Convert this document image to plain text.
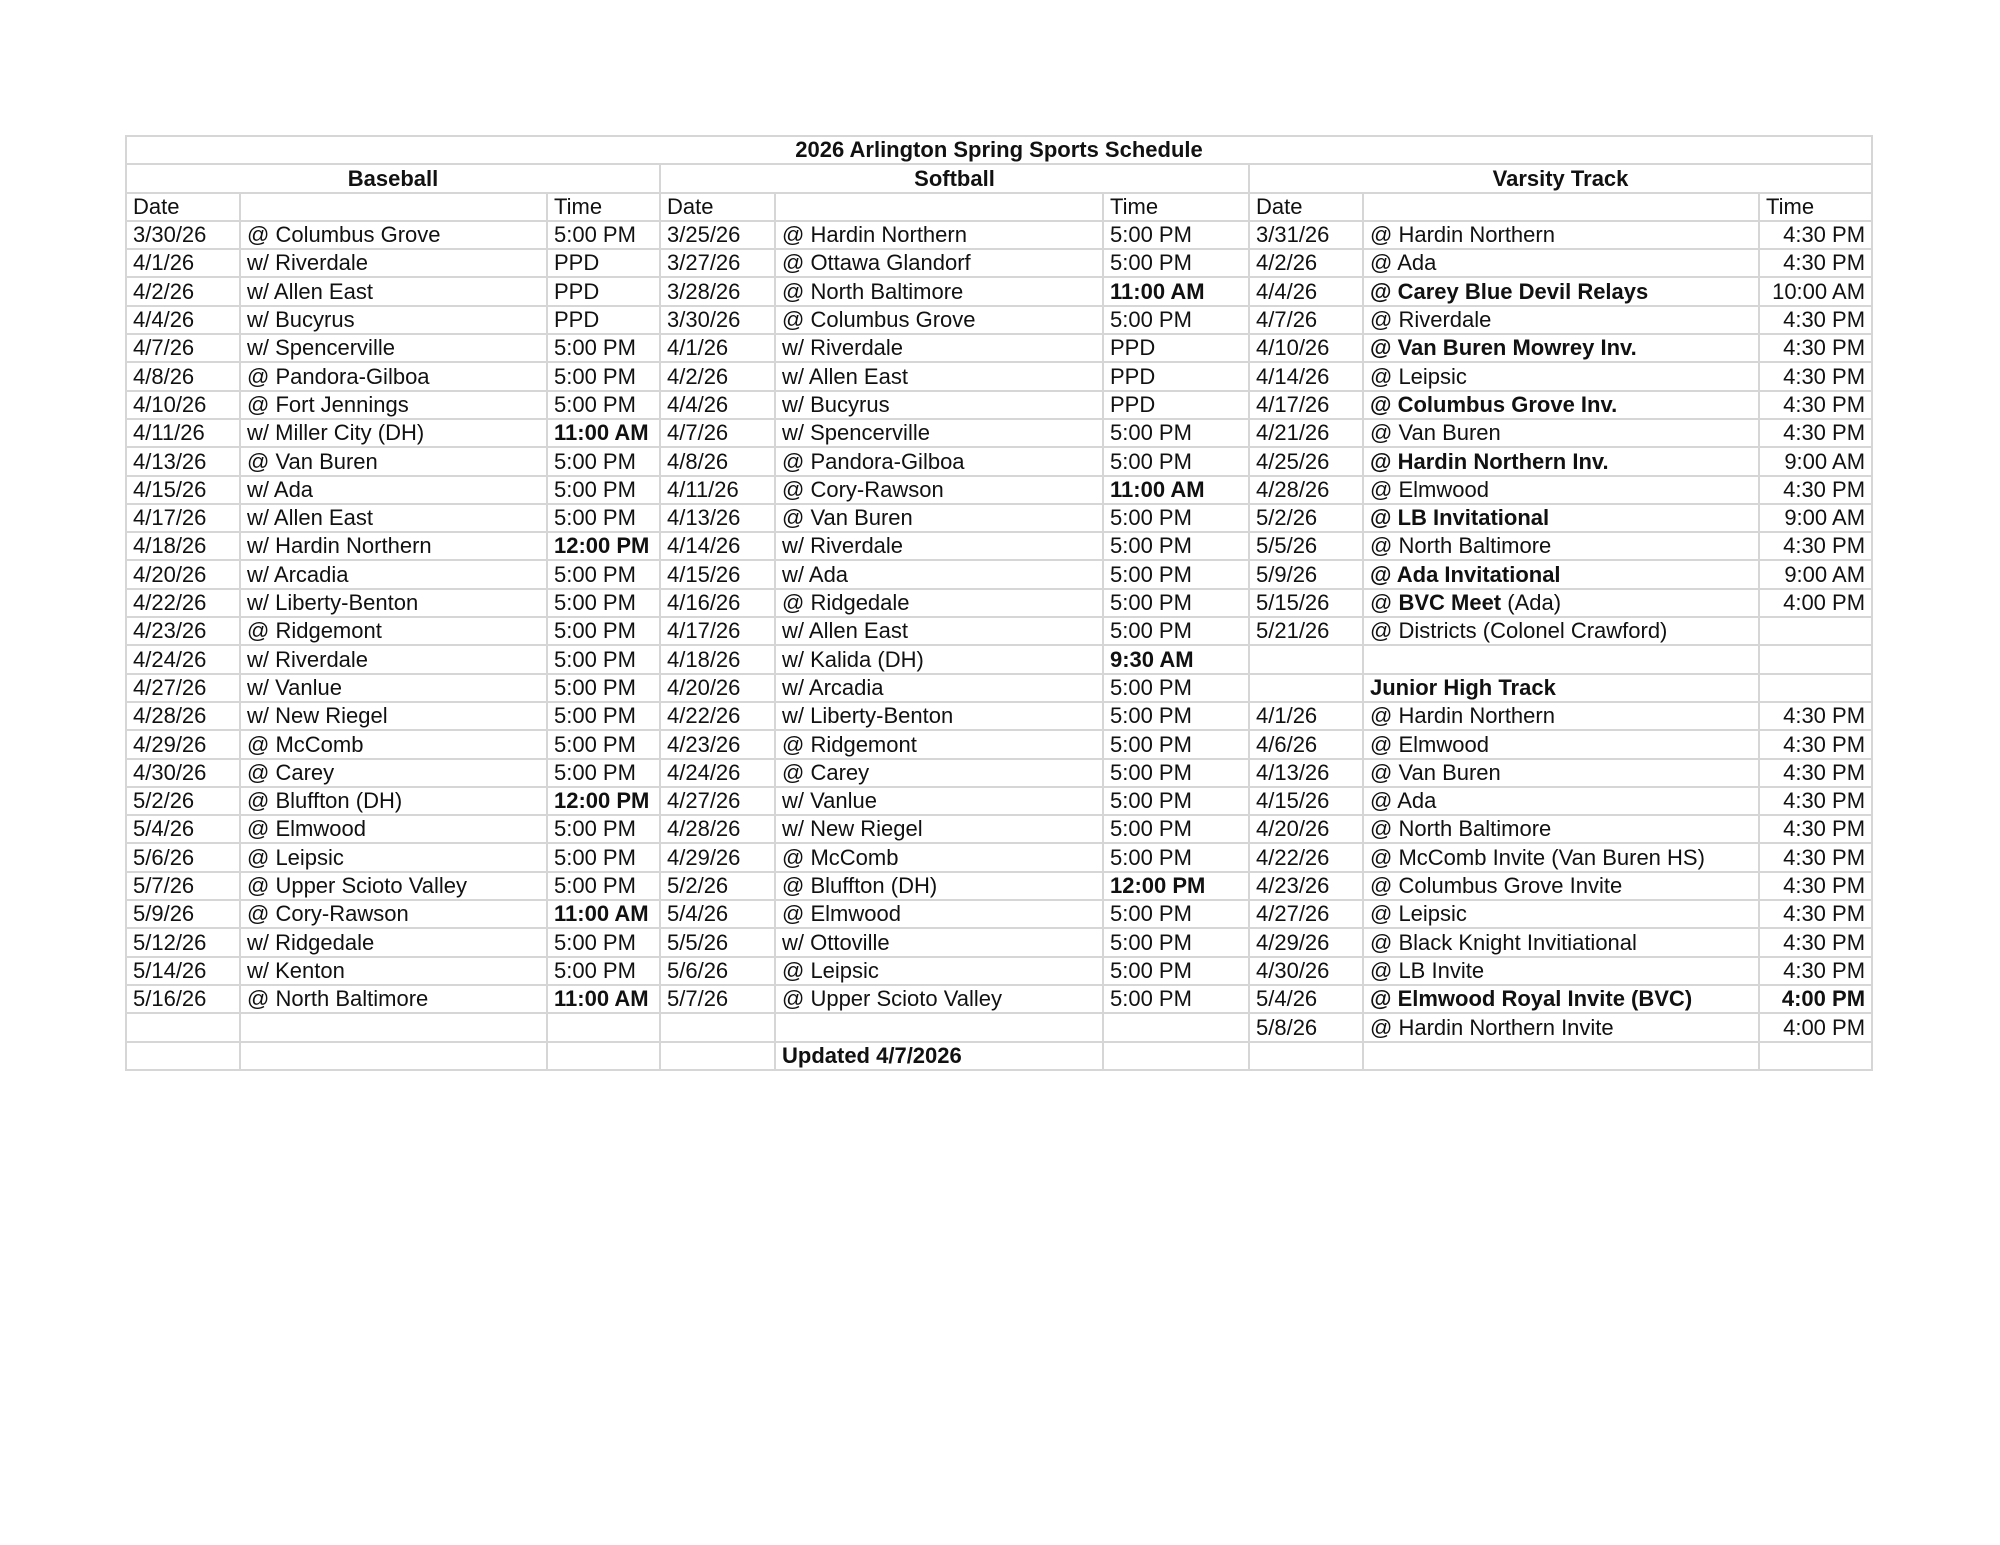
2026 Arlington Spring Sports Schedule								
Baseball			Softball			Varsity Track		
Date		Time	Date		Time	Date		Time
3/30/26	@ Columbus Grove	5:00 PM	3/25/26	@ Hardin Northern	5:00 PM	3/31/26	@ Hardin Northern	4:30 PM
4/1/26	w/ Riverdale	PPD	3/27/26	@ Ottawa Glandorf	5:00 PM	4/2/26	@ Ada	4:30 PM
4/2/26	w/ Allen East	PPD	3/28/26	@ North Baltimore	11:00 AM	4/4/26	@ Carey Blue Devil Relays	10:00 AM
4/4/26	w/ Bucyrus	PPD	3/30/26	@ Columbus Grove	5:00 PM	4/7/26	@ Riverdale	4:30 PM
4/7/26	w/ Spencerville	5:00 PM	4/1/26	w/ Riverdale	PPD	4/10/26	@ Van Buren Mowrey Inv.	4:30 PM
4/8/26	@ Pandora-Gilboa	5:00 PM	4/2/26	w/ Allen East	PPD	4/14/26	@ Leipsic	4:30 PM
4/10/26	@ Fort Jennings	5:00 PM	4/4/26	w/ Bucyrus	PPD	4/17/26	@ Columbus Grove Inv.	4:30 PM
4/11/26	w/ Miller City (DH)	11:00 AM	4/7/26	w/ Spencerville	5:00 PM	4/21/26	@ Van Buren	4:30 PM
4/13/26	@ Van Buren	5:00 PM	4/8/26	@ Pandora-Gilboa	5:00 PM	4/25/26	@ Hardin Northern Inv.	9:00 AM
4/15/26	w/ Ada	5:00 PM	4/11/26	@ Cory-Rawson	11:00 AM	4/28/26	@ Elmwood	4:30 PM
4/17/26	w/ Allen East	5:00 PM	4/13/26	@ Van Buren	5:00 PM	5/2/26	@ LB Invitational	9:00 AM
4/18/26	w/ Hardin Northern	12:00 PM	4/14/26	w/ Riverdale	5:00 PM	5/5/26	@ North Baltimore	4:30 PM
4/20/26	w/ Arcadia	5:00 PM	4/15/26	w/ Ada	5:00 PM	5/9/26	@ Ada Invitational	9:00 AM
4/22/26	w/ Liberty-Benton	5:00 PM	4/16/26	@ Ridgedale	5:00 PM	5/15/26	@ BVC Meet (Ada)	4:00 PM
4/23/26	@ Ridgemont	5:00 PM	4/17/26	w/ Allen East	5:00 PM	5/21/26	@ Districts (Colonel Crawford)	
4/24/26	w/ Riverdale	5:00 PM	4/18/26	w/ Kalida (DH)	9:30 AM			
4/27/26	w/ Vanlue	5:00 PM	4/20/26	w/ Arcadia	5:00 PM		Junior High Track	
4/28/26	w/ New Riegel	5:00 PM	4/22/26	w/ Liberty-Benton	5:00 PM	4/1/26	@ Hardin Northern	4:30 PM
4/29/26	@ McComb	5:00 PM	4/23/26	@ Ridgemont	5:00 PM	4/6/26	@ Elmwood	4:30 PM
4/30/26	@ Carey	5:00 PM	4/24/26	@ Carey	5:00 PM	4/13/26	@ Van Buren	4:30 PM
5/2/26	@ Bluffton (DH)	12:00 PM	4/27/26	w/ Vanlue	5:00 PM	4/15/26	@ Ada	4:30 PM
5/4/26	@ Elmwood	5:00 PM	4/28/26	w/ New Riegel	5:00 PM	4/20/26	@ North Baltimore	4:30 PM
5/6/26	@ Leipsic	5:00 PM	4/29/26	@ McComb	5:00 PM	4/22/26	@ McComb Invite (Van Buren HS)	4:30 PM
5/7/26	@ Upper Scioto Valley	5:00 PM	5/2/26	@ Bluffton (DH)	12:00 PM	4/23/26	@ Columbus Grove Invite	4:30 PM
5/9/26	@ Cory-Rawson	11:00 AM	5/4/26	@ Elmwood	5:00 PM	4/27/26	@ Leipsic	4:30 PM
5/12/26	w/ Ridgedale	5:00 PM	5/5/26	w/ Ottoville	5:00 PM	4/29/26	@ Black Knight Invitiational	4:30 PM
5/14/26	w/ Kenton	5:00 PM	5/6/26	@ Leipsic	5:00 PM	4/30/26	@ LB Invite	4:30 PM
5/16/26	@ North Baltimore	11:00 AM	5/7/26	@ Upper Scioto Valley	5:00 PM	5/4/26	@ Elmwood Royal Invite (BVC)	4:00 PM
						5/8/26	@ Hardin Northern Invite	4:00 PM
				Updated 4/7/2026				
